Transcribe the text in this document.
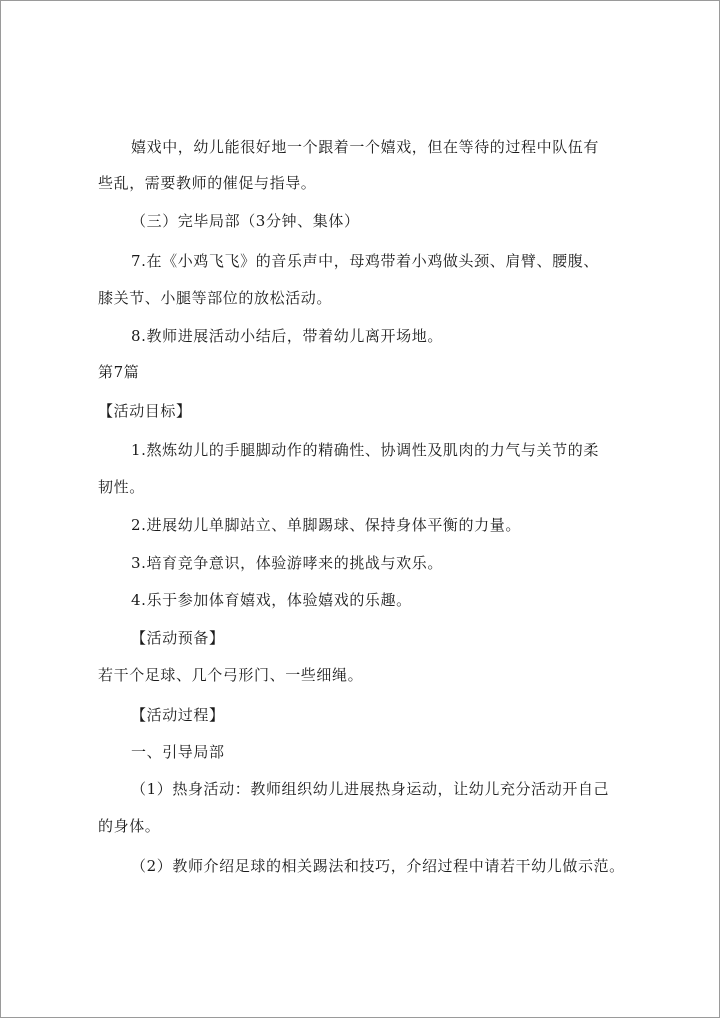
嬉戏中，幼儿能很好地一个跟着一个嬉戏，但在等待的过程中队伍有
些乱，需要教师的催促与指导。
（三）完毕局部（3分钟、集体）
7.在《小鸡飞飞》的音乐声中，母鸡带着小鸡做头颈、肩臂、腰腹、
膝关节、小腿等部位的放松活动。
8.教师进展活动小结后，带着幼儿离开场地。
第7篇
【活动目标】
1.熬炼幼儿的手腿脚动作的精确性、协调性及肌肉的力气与关节的柔
韧性。
2.进展幼儿单脚站立、单脚踢球、保持身体平衡的力量。
3.培育竞争意识，体验游哮来的挑战与欢乐。
4.乐于参加体育嬉戏，体验嬉戏的乐趣。
【活动预备】
若干个足球、几个弓形门、一些细绳。
【活动过程】
一、引导局部
（1）热身活动：教师组织幼儿进展热身运动，让幼儿充分活动开自己
的身体。
（2）教师介绍足球的相关踢法和技巧，介绍过程中请若干幼儿做示范。
